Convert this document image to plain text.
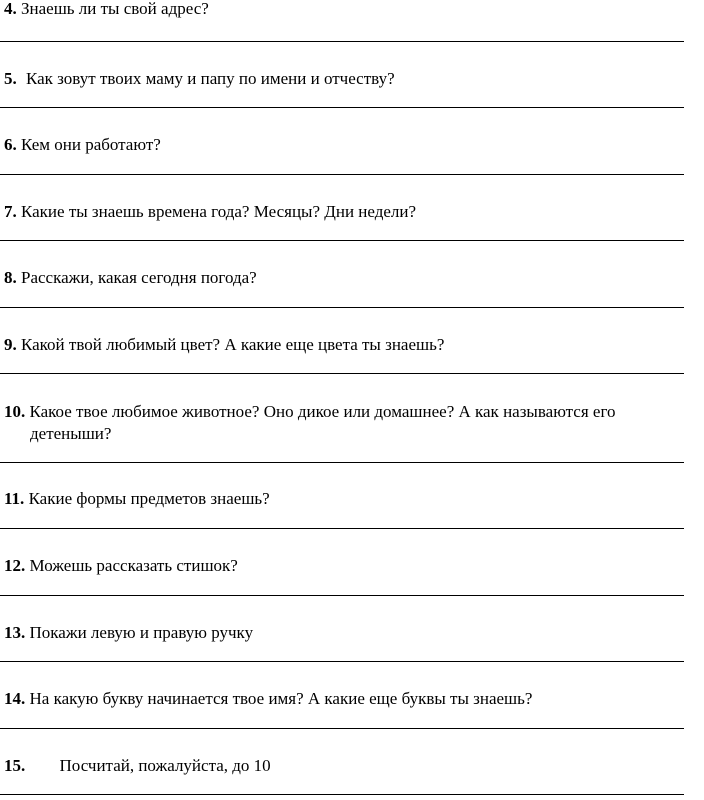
4. Знаешь ли ты свой адрес?
5. Как зовут твоих маму и папу по имени и отчеству?
6. Кем они работают?
7. Какие ты знаешь времена года? Месяцы? Дни недели?
8. Расскажи, какая сегодня погода?
9. Какой твой любимый цвет? А какие еще цвета ты знаешь?
10. Какое твое любимое животное? Оно дикое или домашнее? А как называются его детеныши?
11. Какие формы предметов знаешь?
12. Можешь рассказать стишок?
13. Покажи левую и правую ручку
14. На какую букву начинается твое имя? А какие еще буквы ты знаешь?
15. Посчитай, пожалуйста, до 10
